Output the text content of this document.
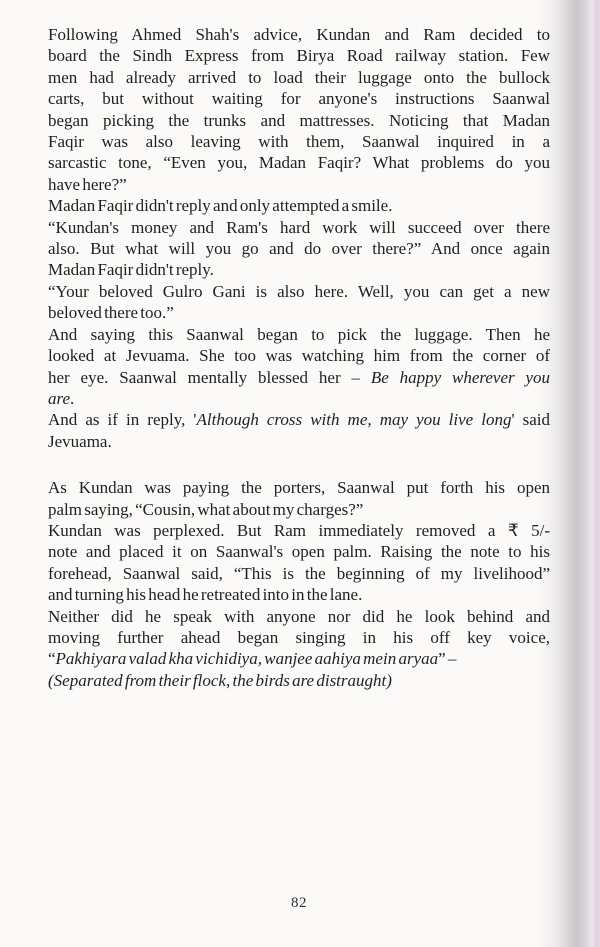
Following Ahmed Shah's advice, Kundan and Ram decided to
board the Sindh Express from Birya Road railway station. Few
men had already arrived to load their luggage onto the bullock
carts, but without waiting for anyone's instructions Saanwal
began picking the trunks and mattresses. Noticing that Madan
Faqir was also leaving with them, Saanwal inquired in a
sarcastic tone, “Even you, Madan Faqir? What problems do you
have here?”
Madan Faqir didn't reply and only attempted a smile.
“Kundan's money and Ram's hard work will succeed over there
also. But what will you go and do over there?” And once again
Madan Faqir didn't reply.
“Your beloved Gulro Gani is also here. Well, you can get a new
beloved there too.”
And saying this Saanwal began to pick the luggage. Then he
looked at Jevuama. She too was watching him from the corner of
her eye. Saanwal mentally blessed her – Be happy wherever you
are.
And as if in reply, 'Although cross with me, may you live long' said
Jevuama.
As Kundan was paying the porters, Saanwal put forth his open
palm saying, “Cousin, what about my charges?”
Kundan was perplexed. But Ram immediately removed a ₹ 5/-
note and placed it on Saanwal's open palm. Raising the note to his
forehead, Saanwal said, “This is the beginning of my livelihood”
and turning his head he retreated into in the lane.
Neither did he speak with anyone nor did he look behind and
moving further ahead began singing in his off key voice,
“Pakhiyara valad kha vichidiya, wanjee aahiya mein aryaa” –
(Separated from their flock, the birds are distraught)
82
